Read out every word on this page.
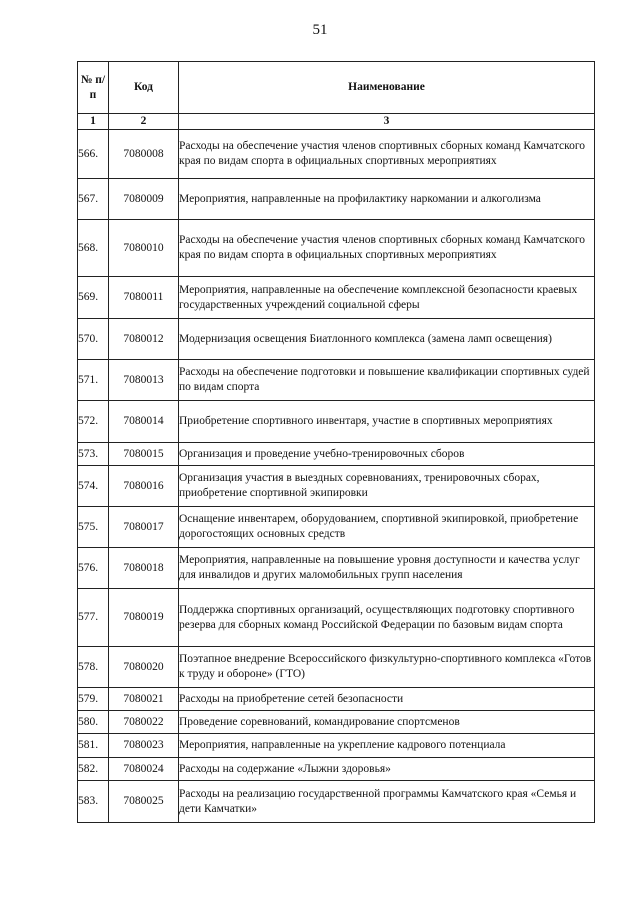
51
№ п/п	Код	Наименование
1	2	3
566.	7080008	Расходы на обеспечение участия членов спортивных сборных команд Камчатского края по видам спорта в официальных спортивных мероприятиях
567.	7080009	Мероприятия, направленные на профилактику наркомании и алкоголизма
568.	7080010	Расходы на обеспечение участия членов спортивных сборных команд Камчатского края по видам спорта в официальных спортивных мероприятиях
569.	7080011	Мероприятия, направленные на обеспечение комплексной безопасности краевых государственных учреждений социальной сферы
570.	7080012	Модернизация освещения Биатлонного комплекса (замена ламп освещения)
571.	7080013	Расходы на обеспечение подготовки и повышение квалификации спортивных судей по видам спорта
572.	7080014	Приобретение спортивного инвентаря, участие в спортивных мероприятиях
573.	7080015	Организация и проведение учебно-тренировочных сборов
574.	7080016	Организация участия в выездных соревнованиях, тренировочных сборах, приобретение спортивной экипировки
575.	7080017	Оснащение инвентарем, оборудованием, спортивной экипировкой, приобретение дорогостоящих основных средств
576.	7080018	Мероприятия, направленные на повышение уровня доступности и качества услуг для инвалидов и других маломобильных групп населения
577.	7080019	Поддержка спортивных организаций, осуществляющих подготовку спортивного резерва для сборных команд Российской Федерации по базовым видам спорта
578.	7080020	Поэтапное внедрение Всероссийского физкультурно-спортивного комплекса «Готов к труду и обороне» (ГТО)
579.	7080021	Расходы на приобретение сетей безопасности
580.	7080022	Проведение соревнований, командирование спортсменов
581.	7080023	Мероприятия, направленные на укрепление кадрового потенциала
582.	7080024	Расходы на содержание «Лыжни здоровья»
583.	7080025	Расходы на реализацию государственной программы Камчатского края «Семья и дети Камчатки»
